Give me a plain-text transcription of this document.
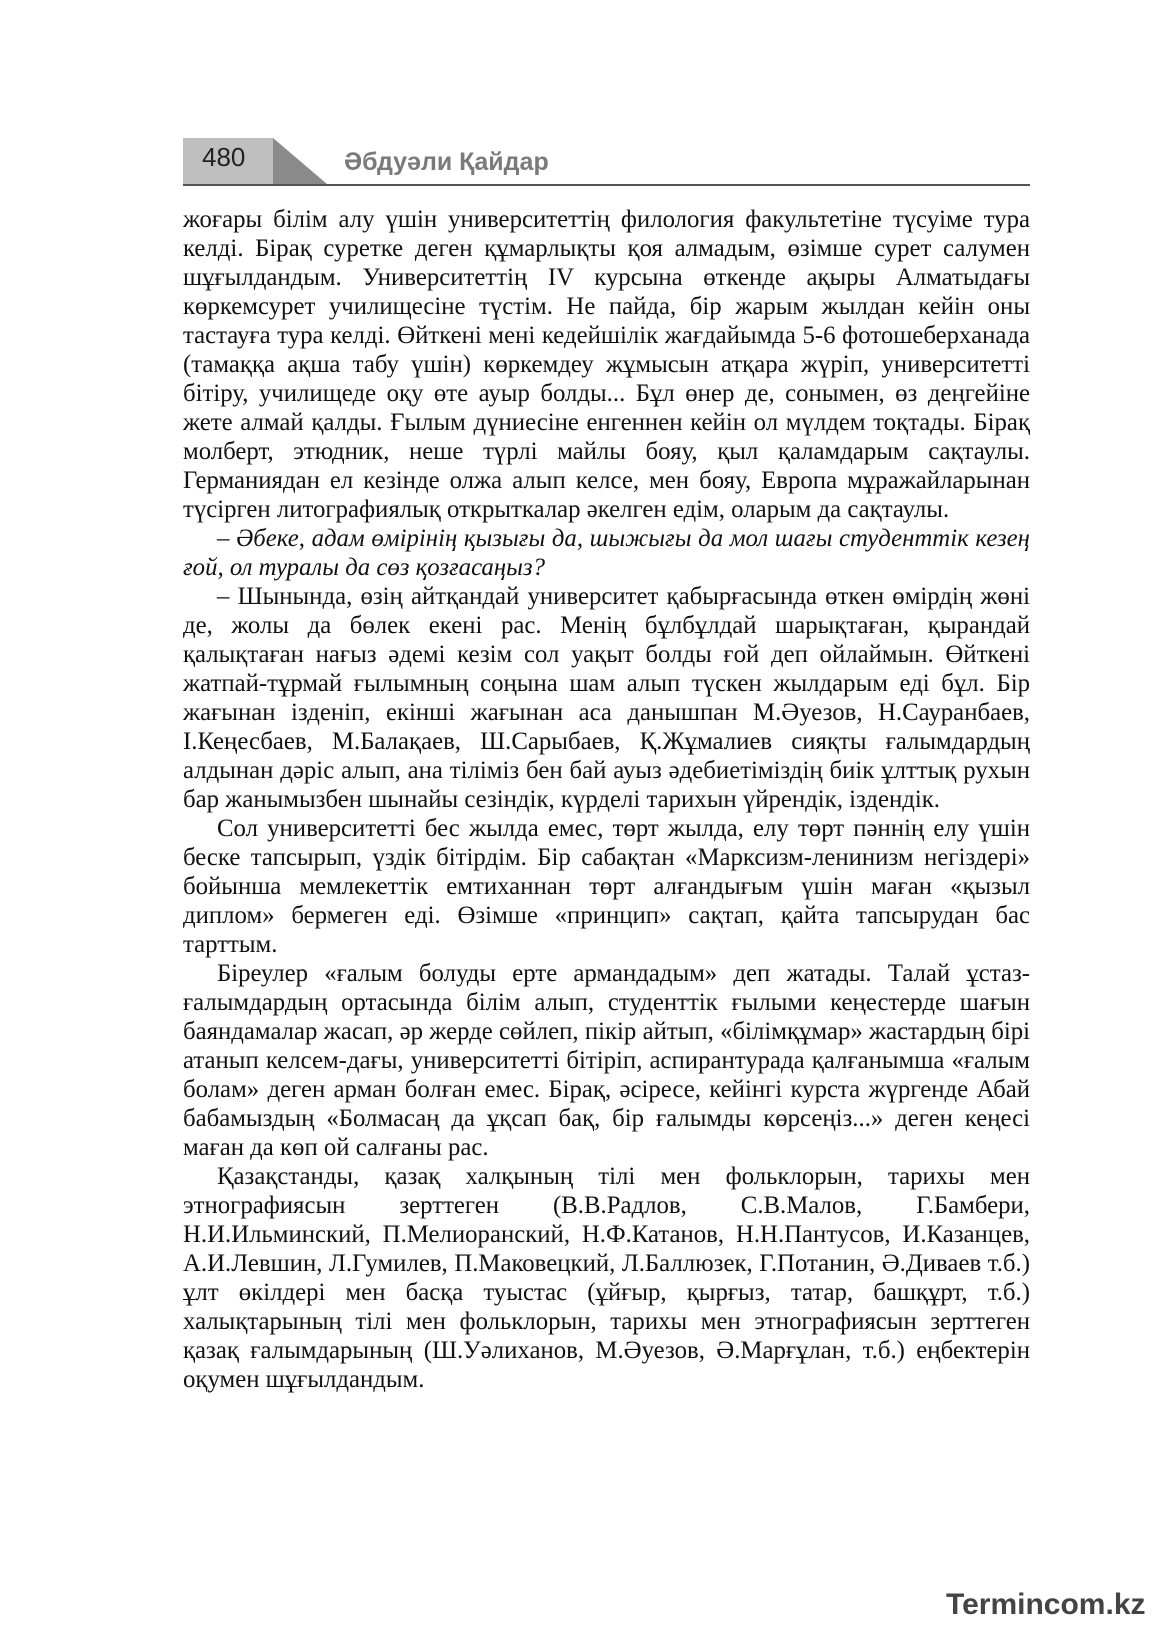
480	Әбдуәли Қайдар

жоғары білім алу үшін университеттің филология факультетіне түсуіме тура келді. Бірақ суретке деген құмарлықты қоя алмадым, өзімше сурет салумен шұғылдандым. Университеттің IV курсына өткенде ақыры Алматыдағы көркемсурет училищесіне түстім. Не пайда, бір жарым жылдан кейін оны тастауға тура келді. Өйткені мені кедейшілік жағдайымда 5-6 фотошеберханада (тамаққа ақша табу үшін) көркемдеу жұмысын атқара жүріп, университетті бітіру, училищеде оқу өте ауыр болды... Бұл өнер де, сонымен, өз деңгейіне жете алмай қалды. Ғылым дүниесіне енгеннен кейін ол мүлдем тоқтады. Бірақ молберт, этюдник, неше түрлі майлы бояу, қыл қаламдарым сақтаулы. Германиядан ел кезінде олжа алып келсе, мен бояу, Европа мұражайларынан түсірген литографиялық открыткалар әкелген едім, оларым да сақтаулы.

– Әбеке, адам өмірінің қызығы да, шыжығы да мол шағы студенттік кезең ғой, ол туралы да сөз қозғасаңыз?

– Шынында, өзің айтқандай университет қабырғасында өткен өмірдің жөні де, жолы да бөлек екені рас. Менің бұлбұлдай шарықтаған, қырандай қалықтаған нағыз әдемі кезім сол уақыт болды ғой деп ойлаймын. Өйткені жатпай-тұрмай ғылымның соңына шам алып түскен жылдарым еді бұл. Бір жағынан ізденіп, екінші жағынан аса данышпан М.Әуезов, Н.Сауранбаев, І.Кеңесбаев, М.Балақаев, Ш.Сарыбаев, Қ.Жұмалиев сияқты ғалымдардың алдынан дәріс алып, ана тіліміз бен бай ауыз әдебиетіміздің биік ұлттық рухын бар жанымызбен шынайы сезіндік, күрделі тарихын үйрендік, іздендік.

Сол университетті бес жылда емес, төрт жылда, елу төрт пәннің елу үшін беске тапсырып, үздік бітірдім. Бір сабақтан «Марксизм-ленинизм негіздері» бойынша мемлекеттік емтиханнан төрт алғандығым үшін маған «қызыл диплом» бермеген еді. Өзімше «принцип» сақтап, қайта тапсырудан бас тарттым.

Біреулер «ғалым болуды ерте армандадым» деп жатады. Талай ұстаз-ғалымдардың ортасында білім алып, студенттік ғылыми кеңестерде шағын баяндамалар жасап, әр жерде сөйлеп, пікір айтып, «білімқұмар» жастардың бірі атанып келсем-дағы, университетті бітіріп, аспирантурада қалғанымша «ғалым болам» деген арман болған емес. Бірақ, әсіресе, кейінгі курста жүргенде Абай бабамыздың «Болмасаң да ұқсап бақ, бір ғалымды көрсеңіз...» деген кеңесі маған да көп ой салғаны рас.

Қазақстанды, қазақ халқының тілі мен фольклорын, тарихы мен этнографиясын зерттеген (В.В.Радлов, С.В.Малов, Г.Бамбери, Н.И.Ильминский, П.Мелиоранский, Н.Ф.Катанов, Н.Н.Пантусов, И.Казанцев, А.И.Левшин, Л.Гумилев, П.Маковецкий, Л.Баллюзек, Г.Потанин, Ә.Диваев т.б.) ұлт өкілдері мен басқа туыстас (ұйғыр, қырғыз, татар, башқұрт, т.б.) халықтарының тілі мен фольклорын, тарихы мен этнографиясын зерттеген қазақ ғалымдарының (Ш.Уәлиханов, М.Әуезов, Ә.Марғұлан, т.б.) еңбектерін оқумен шұғылдандым.

Termincom.kz
